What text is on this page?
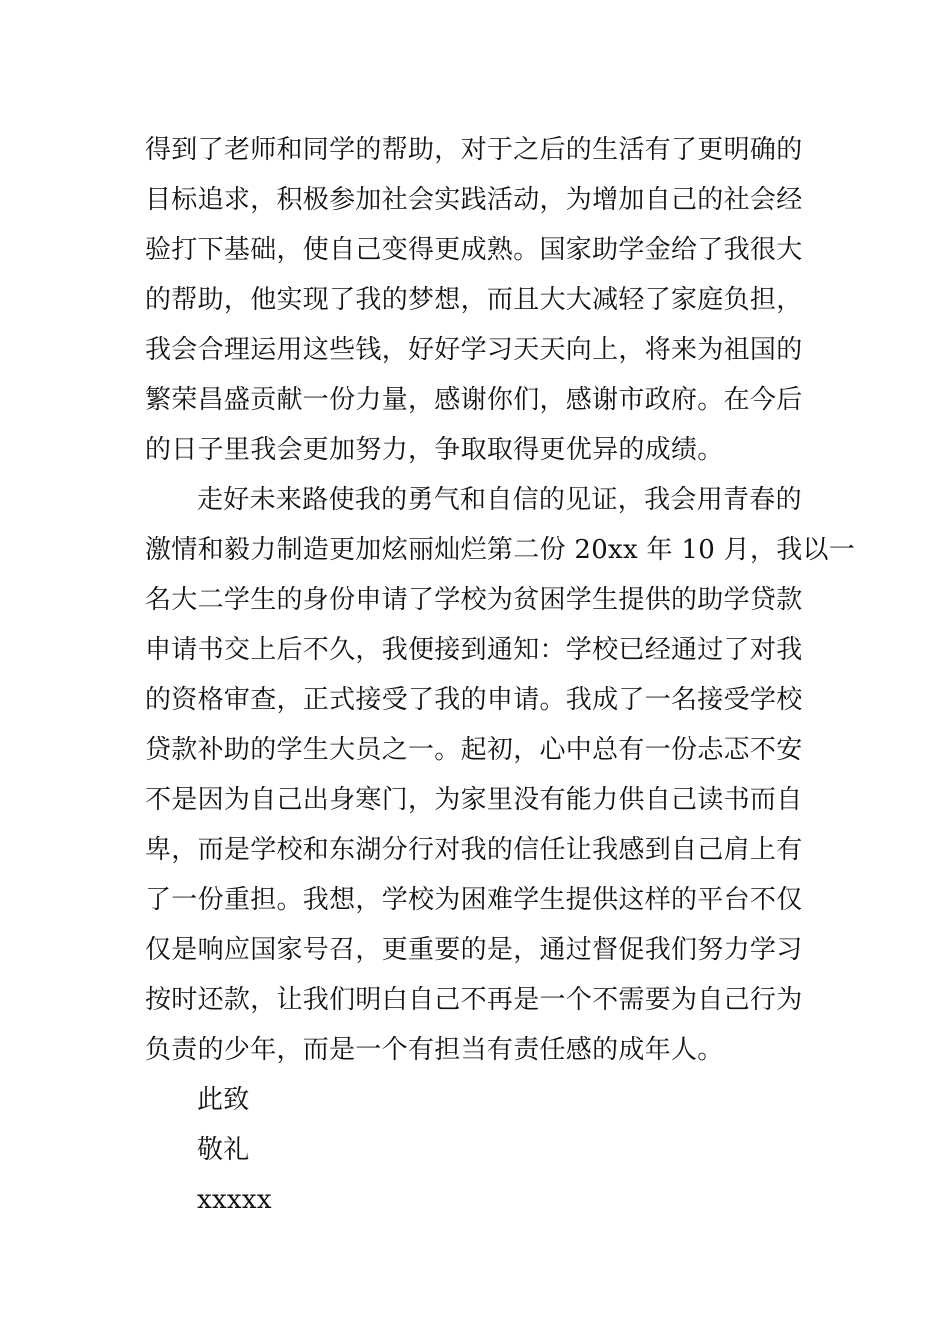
得到了老师和同学的帮助，对于之后的生活有了更明确的
目标追求，积极参加社会实践活动，为增加自己的社会经
验打下基础，使自己变得更成熟。国家助学金给了我很大
的帮助，他实现了我的梦想，而且大大减轻了家庭负担，
我会合理运用这些钱，好好学习天天向上，将来为祖国的
繁荣昌盛贡献一份力量，感谢你们，感谢市政府。在今后
的日子里我会更加努力，争取取得更优异的成绩。
走好未来路使我的勇气和自信的见证，我会用青春的
激情和毅力制造更加炫丽灿烂第二份 20xx 年 10 月，我以一
名大二学生的身份申请了学校为贫困学生提供的助学贷款
申请书交上后不久，我便接到通知：学校已经通过了对我
的资格审查，正式接受了我的申请。我成了一名接受学校
贷款补助的学生大员之一。起初，心中总有一份忐忑不安
不是因为自己出身寒门，为家里没有能力供自己读书而自
卑，而是学校和东湖分行对我的信任让我感到自己肩上有
了一份重担。我想，学校为困难学生提供这样的平台不仅
仅是响应国家号召，更重要的是，通过督促我们努力学习
按时还款，让我们明白自己不再是一个不需要为自己行为
负责的少年，而是一个有担当有责任感的成年人。
此致
敬礼
xxxxx
